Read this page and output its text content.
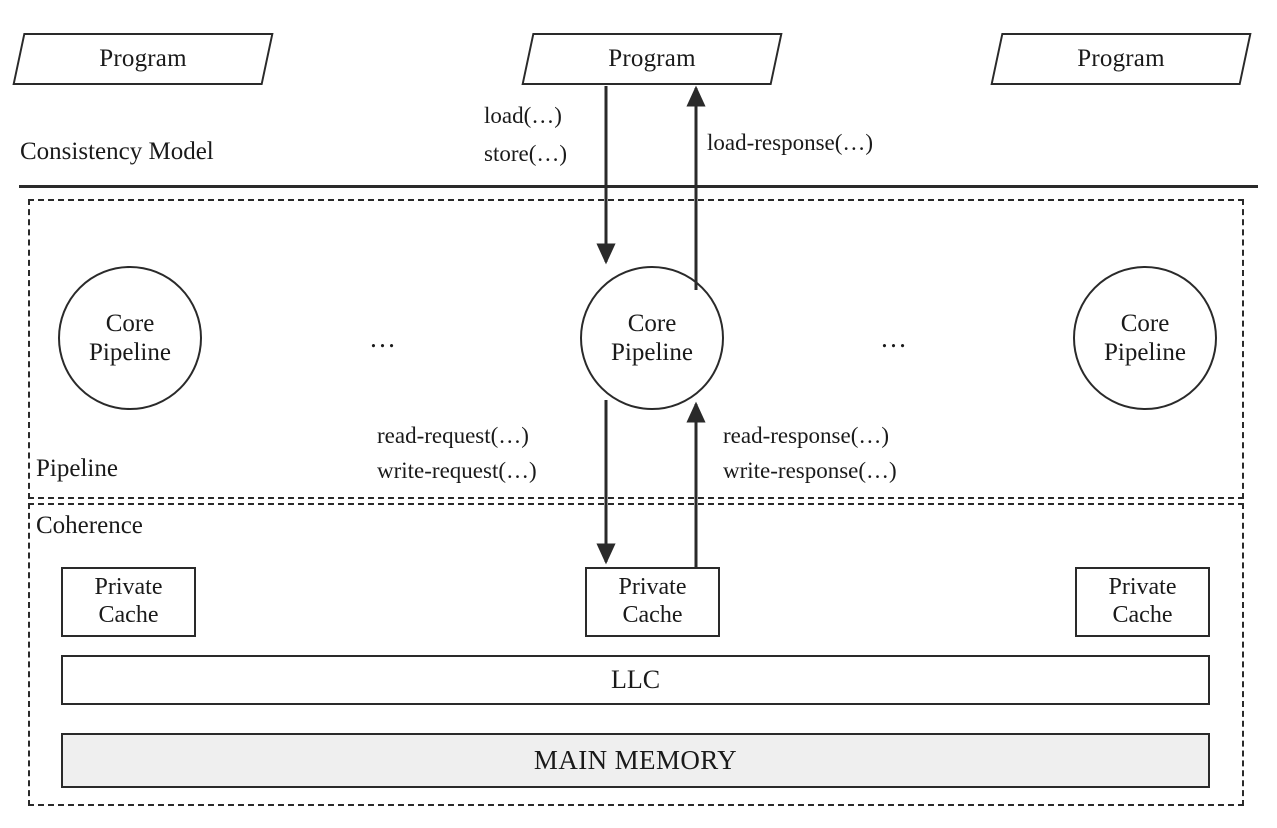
Program	Program	Program
Consistency Model
Pipeline
Coherence
Core
Pipeline
Core
Pipeline
Core
Pipeline
…	…
load(…)
store(…)	load-response(…)
read-request(…)
write-request(…)
read-response(…)
write-response(…)
Private
Cache
Private
Cache
Private
Cache
LLC
MAIN MEMORY
